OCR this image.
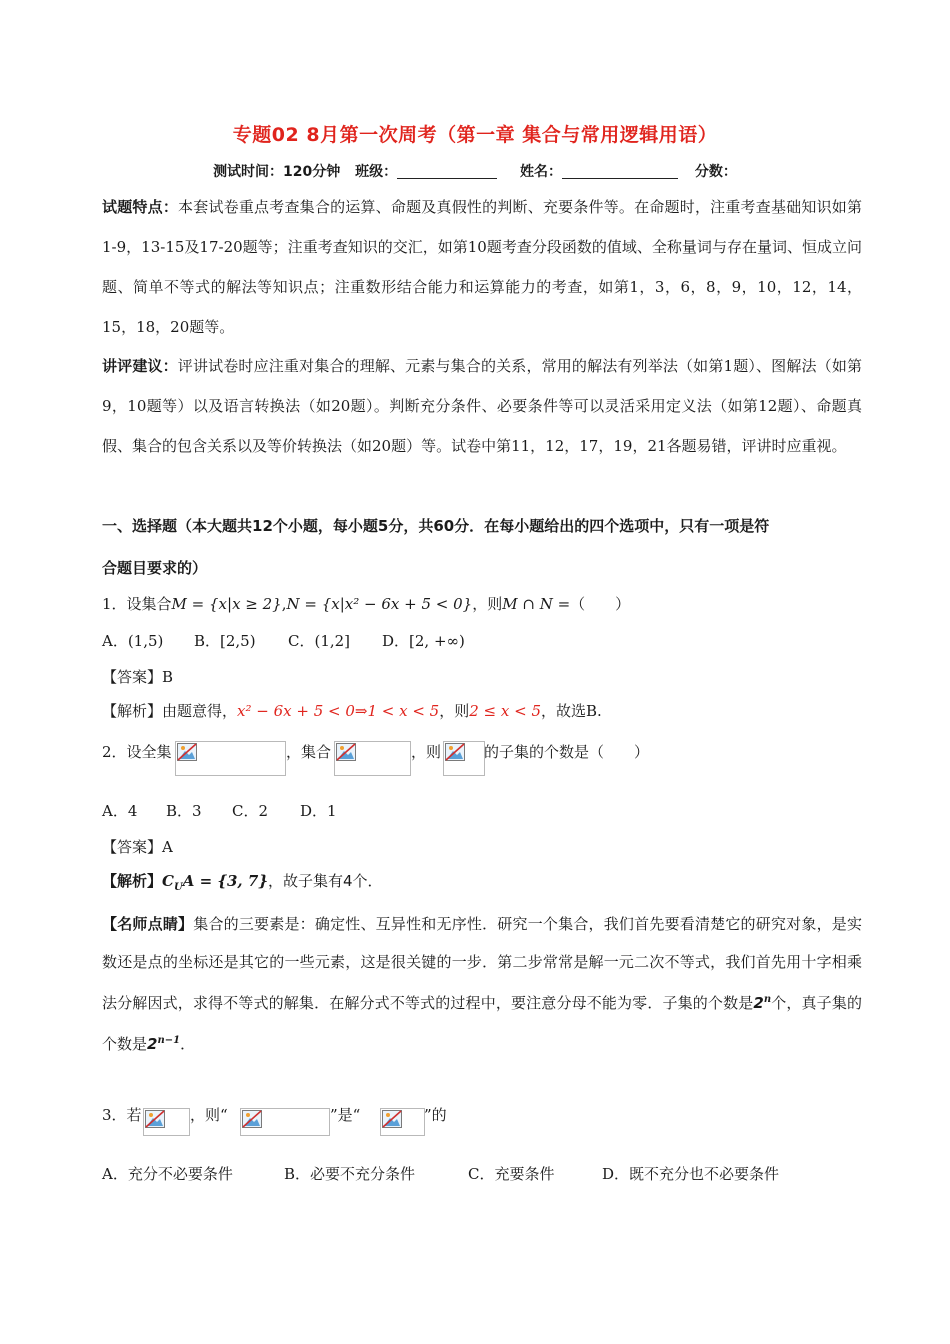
专题02 8月第一次周考（第一章 集合与常用逻辑用语）
测试时间：120分钟 班级：	姓名：	分数：
试题特点：本套试卷重点考查集合的运算、命题及真假性的判断、充要条件等。在命题时，注重考查基础知识如第1-9，13-15及17-20题等；注重考查知识的交汇，如第10题考查分段函数的值域、全称量词与存在量词、恒成立问题、简单不等式的解法等知识点；注重数形结合能力和运算能力的考查，如第1，3，6，8，9，10，12，14，15，18，20题等。
讲评建议：评讲试卷时应注重对集合的理解、元素与集合的关系，常用的解法有列举法（如第1题）、图解法（如第9，10题等）以及语言转换法（如20题）。判断充分条件、必要条件等可以灵活采用定义法（如第12题）、命题真假、集合的包含关系以及等价转换法（如20题）等。试卷中第11，12，17，19，21各题易错，评讲时应重视。
一、选择题（本大题共12个小题，每小题5分，共60分．在每小题给出的四个选项中，只有一项是符
合题目要求的）
1．设集合M = {x|x ≥ 2},N = {x|x² − 6x + 5 < 0}，则M ∩ N =（　　）
A．(1,5) B．[2,5) C．(1,2] D．[2, +∞)
【答案】B
【解析】由题意得，x² − 6x + 5 < 0⇒1 < x < 5，则2 ≤ x < 5，故选B.
2．设全集	，集合	，则	的子集的个数是（　　）
A．4 B．3 C．2 D．1
【答案】A
【解析】$C_UA = \{3$, 7}，故子集有4个．
【名师点睛】集合的三要素是：确定性、互异性和无序性．研究一个集合，我们首先要看清楚它的研究对象，是实数还是点的坐标还是其它的一些元素，这是很关键的一步．第二步常常是解一元二次不等式，我们首先用十字相乘法分解因式，求得不等式的解集．在解分式不等式的过程中，要注意分母不能为零．子集的个数是2$^n$个，真子集的个数是$2^{n-1}$．
3．若	，则“	”是“	”的
A．充分不必要条件	B．必要不充分条件	C．充要条件	D．既不充分也不必要条件
